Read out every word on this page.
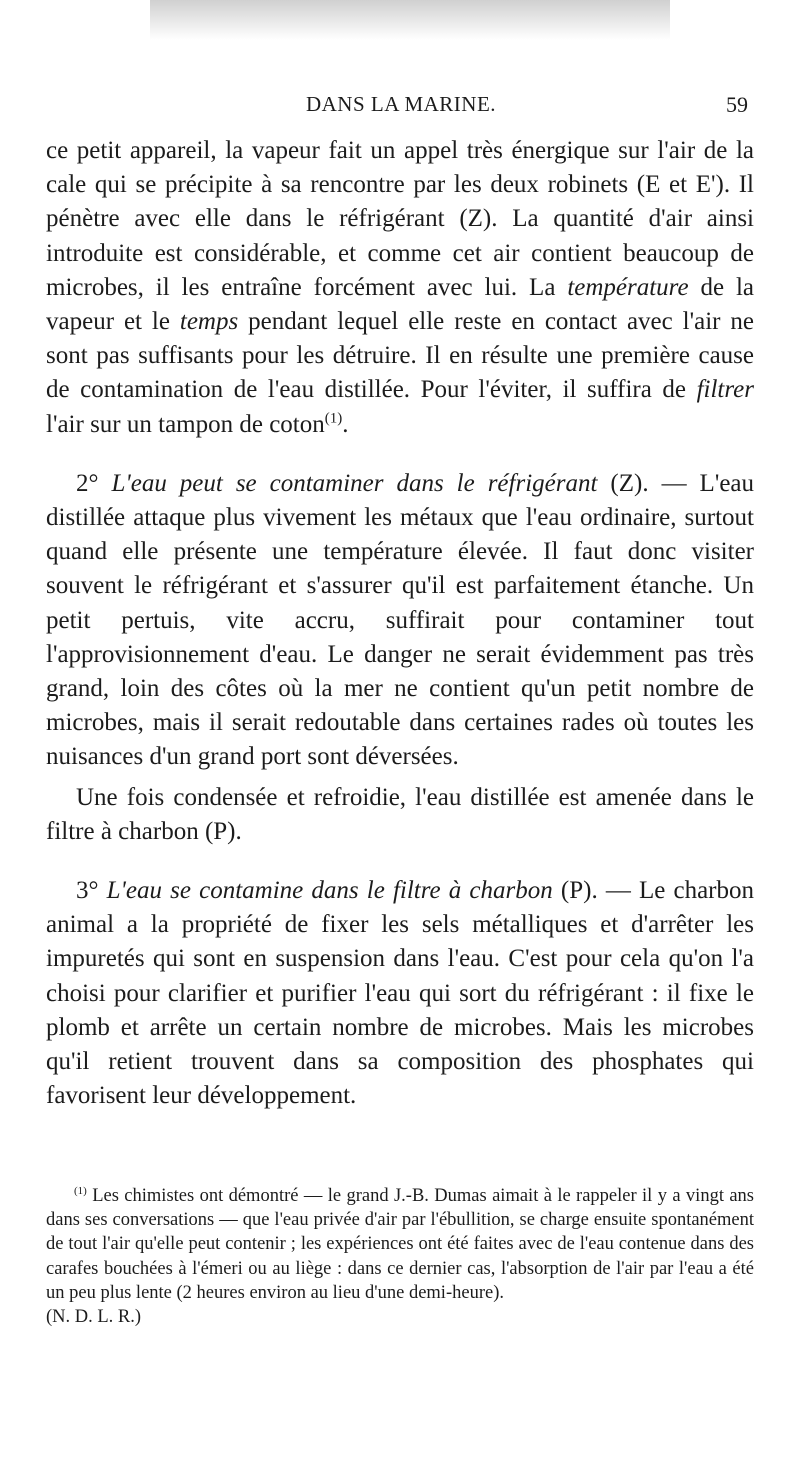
DANS LA MARINE.	59

ce petit appareil, la vapeur fait un appel très énergique sur l'air de la cale qui se précipite à sa rencontre par les deux robinets (E et E'). Il pénètre avec elle dans le réfrigérant (Z). La quantité d'air ainsi introduite est considérable, et comme cet air contient beaucoup de microbes, il les entraîne forcément avec lui. La température de la vapeur et le temps pendant lequel elle reste en contact avec l'air ne sont pas suffisants pour les détruire. Il en résulte une première cause de contamination de l'eau distillée. Pour l'éviter, il suffira de filtrer l'air sur un tampon de coton$^{(1)}$.

2° L'eau peut se contaminer dans le réfrigérant (Z). — L'eau distillée attaque plus vivement les métaux que l'eau ordinaire, surtout quand elle présente une température élevée. Il faut donc visiter souvent le réfrigérant et s'assurer qu'il est parfaitement étanche. Un petit pertuis, vite accru, suffirait pour contaminer tout l'approvisionnement d'eau. Le danger ne serait évidemment pas très grand, loin des côtes où la mer ne contient qu'un petit nombre de microbes, mais il serait redoutable dans certaines rades où toutes les nuisances d'un grand port sont déversées.

Une fois condensée et refroidie, l'eau distillée est amenée dans le filtre à charbon (P).

3° L'eau se contamine dans le filtre à charbon (P). — Le charbon animal a la propriété de fixer les sels métalliques et d'arrêter les impuretés qui sont en suspension dans l'eau. C'est pour cela qu'on l'a choisi pour clarifier et purifier l'eau qui sort du réfrigérant : il fixe le plomb et arrête un certain nombre de microbes. Mais les microbes qu'il retient trouvent dans sa composition des phosphates qui favorisent leur développement.

$^{(1)}$ Les chimistes ont démontré — le grand J.-B. Dumas aimait à le rappeler il y a vingt ans dans ses conversations — que l'eau privée d'air par l'ébullition, se charge ensuite spontanément de tout l'air qu'elle peut contenir ; les expériences ont été faites avec de l'eau contenue dans des carafes bouchées à l'émeri ou au liège : dans ce dernier cas, l'absorption de l'air par l'eau a été un peu plus lente (2 heures environ au lieu d'une demi-heure).

(N. D. L. R.)
